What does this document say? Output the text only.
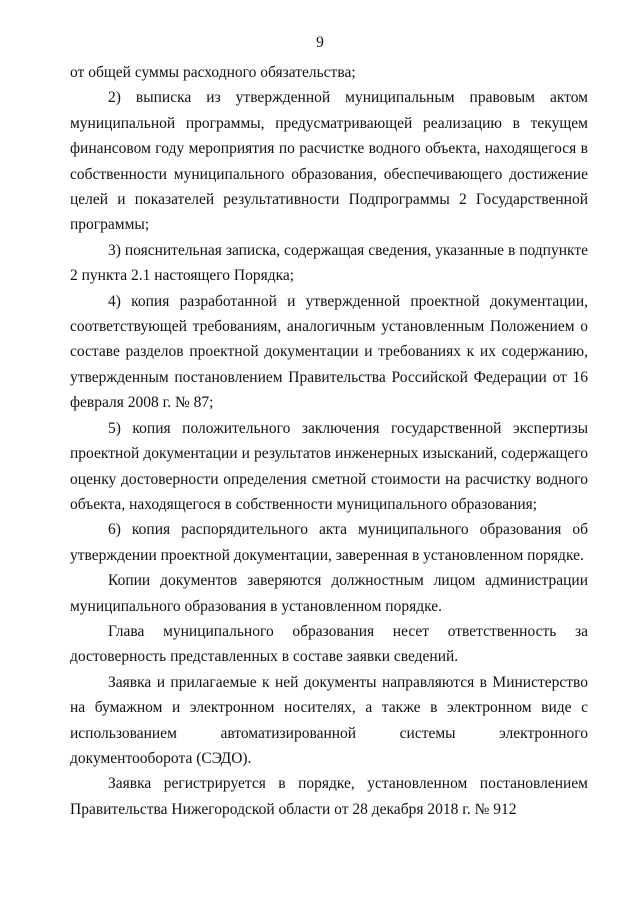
9

от общей суммы расходного обязательства;

2) выписка из утвержденной муниципальным правовым актом муниципальной программы, предусматривающей реализацию в текущем финансовом году мероприятия по расчистке водного объекта, находящегося в собственности муниципального образования, обеспечивающего достижение целей и показателей результативности Подпрограммы 2 Государственной программы;

3) пояснительная записка, содержащая сведения, указанные в подпункте 2 пункта 2.1 настоящего Порядка;

4) копия разработанной и утвержденной проектной документации, соответствующей требованиям, аналогичным установленным Положением о составе разделов проектной документации и требованиях к их содержанию, утвержденным постановлением Правительства Российской Федерации от 16 февраля 2008 г. № 87;

5) копия положительного заключения государственной экспертизы проектной документации и результатов инженерных изысканий, содержащего оценку достоверности определения сметной стоимости на расчистку водного объекта, находящегося в собственности муниципального образования;

6) копия распорядительного акта муниципального образования об утверждении проектной документации, заверенная в установленном порядке.

Копии документов заверяются должностным лицом администрации муниципального образования в установленном порядке.

Глава муниципального образования несет ответственность за достоверность представленных в составе заявки сведений.

Заявка и прилагаемые к ней документы направляются в Министерство на бумажном и электронном носителях, а также в электронном виде с использованием автоматизированной системы электронного документооборота (СЭДО).

Заявка регистрируется в порядке, установленном постановлением Правительства Нижегородской области от 28 декабря 2018 г. № 912
